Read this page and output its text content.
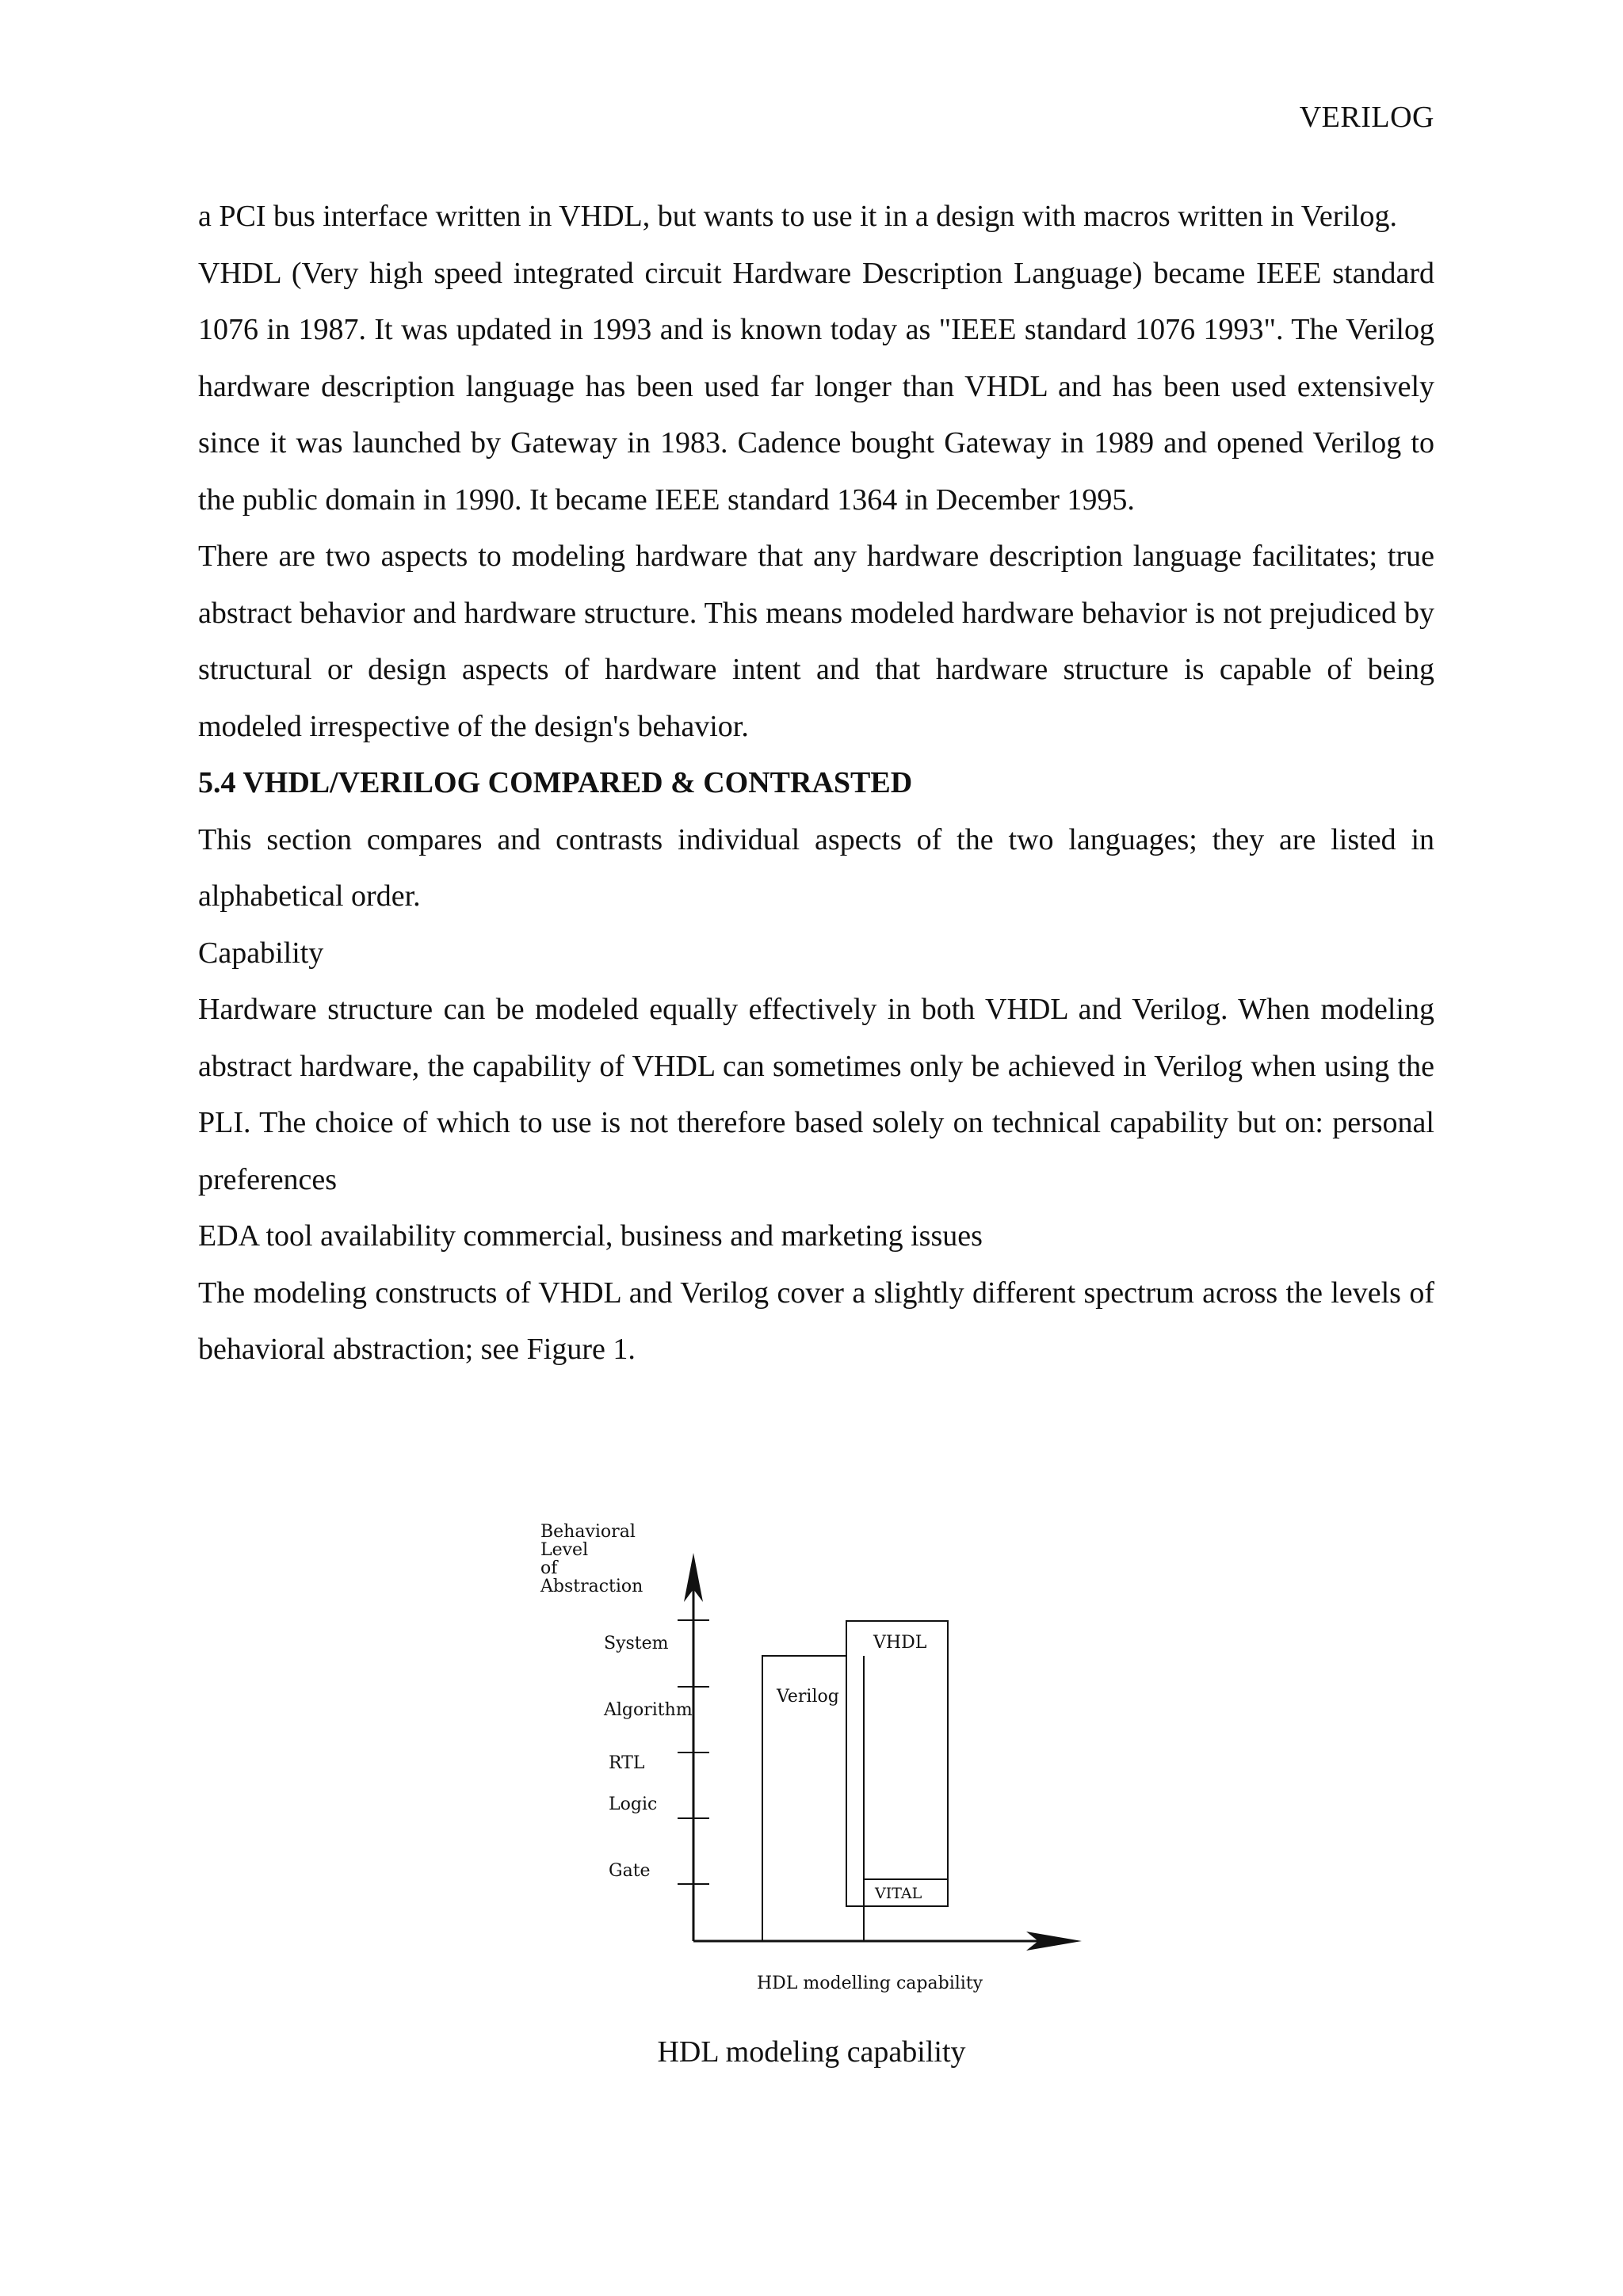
VERILOG

a PCI bus interface written in VHDL, but wants to use it in a design with macros written in Verilog.

VHDL (Very high speed integrated circuit Hardware Description Language) became IEEE standard 1076 in 1987. It was updated in 1993 and is known today as "IEEE standard 1076 1993". The Verilog hardware description language has been used far longer than VHDL and has been used extensively since it was launched by Gateway in 1983. Cadence bought Gateway in 1989 and opened Verilog to the public domain in 1990. It became IEEE standard 1364 in December 1995.

There are two aspects to modeling hardware that any hardware description language facilitates; true abstract behavior and hardware structure. This means modeled hardware behavior is not prejudiced by structural or design aspects of hardware intent and that hardware structure is capable of being modeled irrespective of the design's behavior.

5.4 VHDL/VERILOG COMPARED & CONTRASTED

This section compares and contrasts individual aspects of the two languages; they are listed in alphabetical order.

Capability

Hardware structure can be modeled equally effectively in both VHDL and Verilog. When modeling abstract hardware, the capability of VHDL can sometimes only be achieved in Verilog when using the PLI. The choice of which to use is not therefore based solely on technical capability but on: personal preferences

EDA tool availability commercial, business and marketing issues

The modeling constructs of VHDL and Verilog cover a slightly different spectrum across the levels of behavioral abstraction; see Figure 1.

Behavioral
Level
of
Abstraction
System
Algorithm
RTL
Logic
Gate
Verilog
VHDL
VITAL
HDL modelling capability
HDL modeling capability
